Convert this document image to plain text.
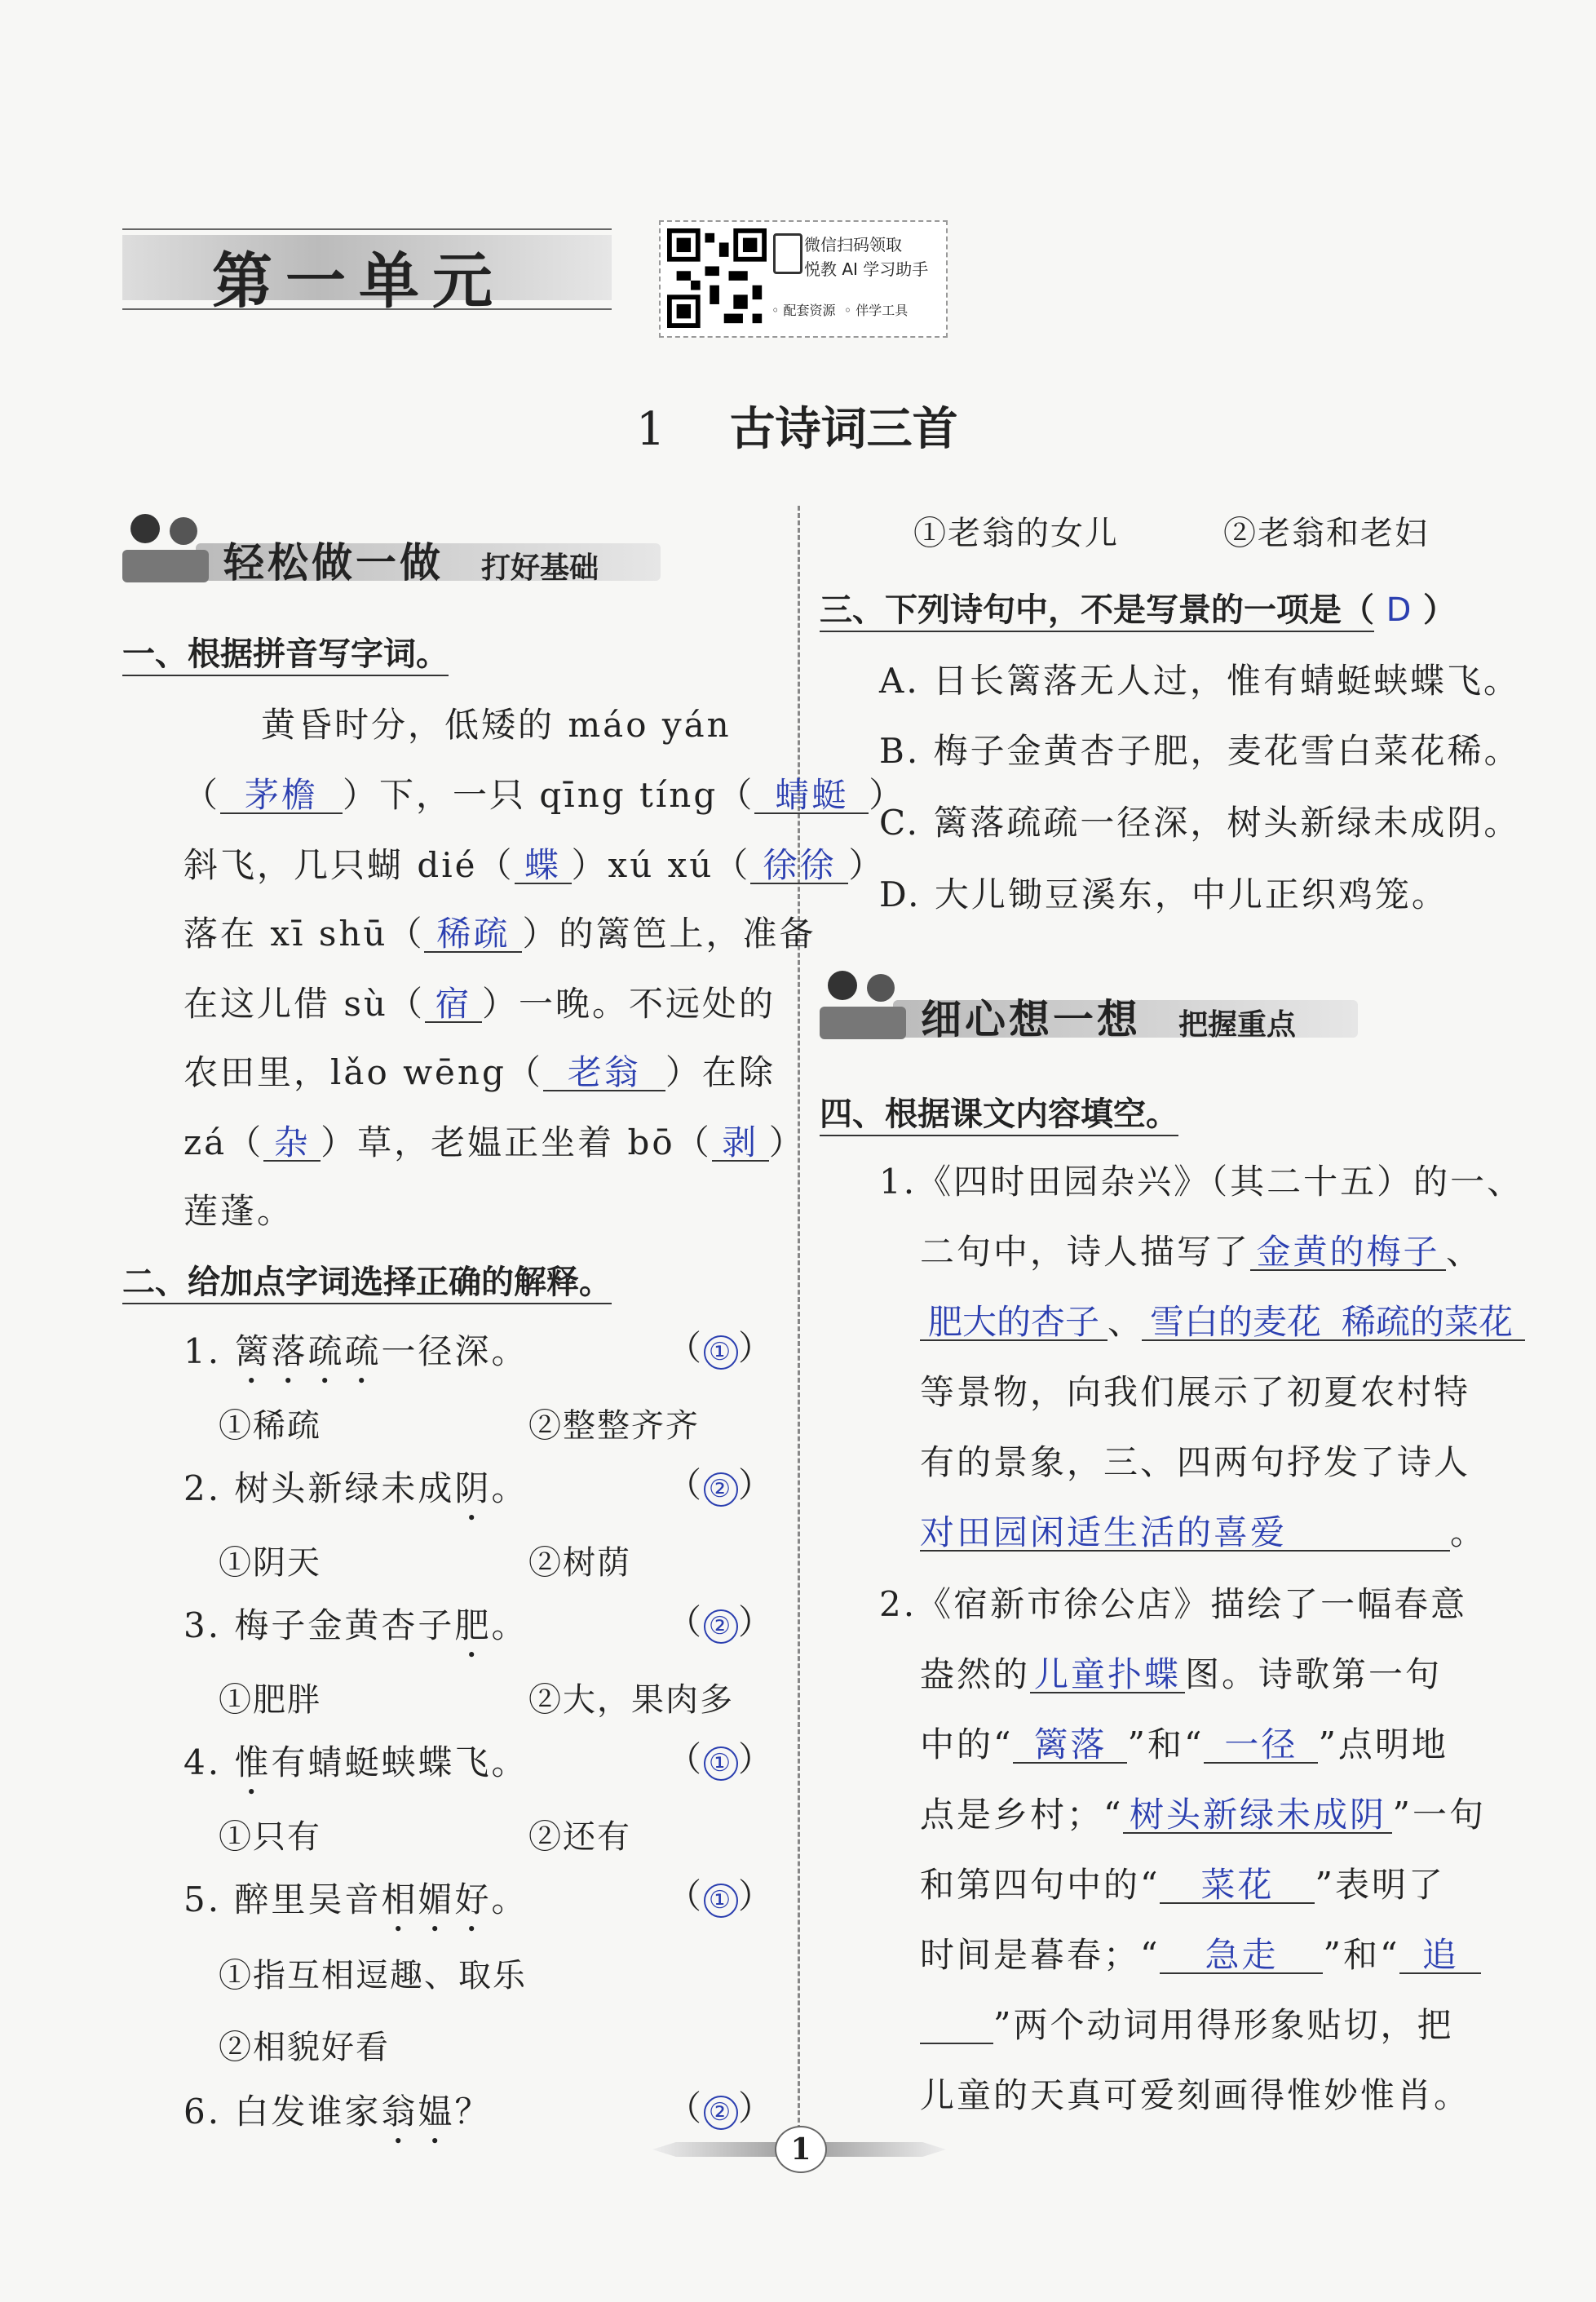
第一单元
微信扫码领取
悦教 AI 学习助手
◦ 配套资源  ◦ 伴学工具
1 古诗词三首
轻松做一做 打好基础
一、根据拼音写字词。
黄昏时分，低矮的 máo yán
（ 茅檐 ）下，一只 qīng tíng（ 蜻蜓 ）
斜飞，几只蝴 dié（ 蝶 ）xú xú（ 徐徐 ）
落在 xī shū（ 稀疏 ）的篱笆上，准备
在这儿借 sù（ 宿 ）一晚。不远处的
农田里，lǎo wēng（ 老翁 ）在除
zá（ 杂 ）草，老媪正坐着 bō（ 剥 ）
莲蓬。
二、给加点字词选择正确的解释。
1. 篱落疏疏一径深。	（ ① ）
①稀疏	②整整齐齐
2. 树头新绿未成阴。	（ ② ）
①阴天	②树荫
3. 梅子金黄杏子肥。	（ ② ）
①肥胖	②大，果肉多
4. 惟有蜻蜓蛱蝶飞。	（ ① ）
①只有	②还有
5. 醉里吴音相媚好。	（ ① ）
①指互相逗趣、取乐
②相貌好看
6. 白发谁家翁媪？	（ ② ）
①老翁的女儿	②老翁和老妇
三、下列诗句中，不是写景的一项是（ D ）
A. 日长篱落无人过，惟有蜻蜓蛱蝶飞。
B. 梅子金黄杏子肥，麦花雪白菜花稀。
C. 篱落疏疏一径深，树头新绿未成阴。
D. 大儿锄豆溪东，中儿正织鸡笼。
细心想一想 把握重点
四、根据课文内容填空。
1.《四时田园杂兴》（其二十五）的一、
二句中，诗人描写了 金黄的梅子 、
肥大的杏子 、 雪白的麦花 稀疏的菜花
等景物，向我们展示了初夏农村特
有的景象，三、四两句抒发了诗人
对田园闲适生活的喜爱	。
2.《宿新市徐公店》描绘了一幅春意
盎然的 儿童扑蝶 图。诗歌第一句
中的“ 篱落 ”和“ 一径 ”点明地
点是乡村；“ 树头新绿未成阴 ”一句
和第四句中的“ 菜花 ”表明了
时间是暮春；“ 急走 ”和“ 追
”两个动词用得形象贴切，把
儿童的天真可爱刻画得惟妙惟肖。
1
